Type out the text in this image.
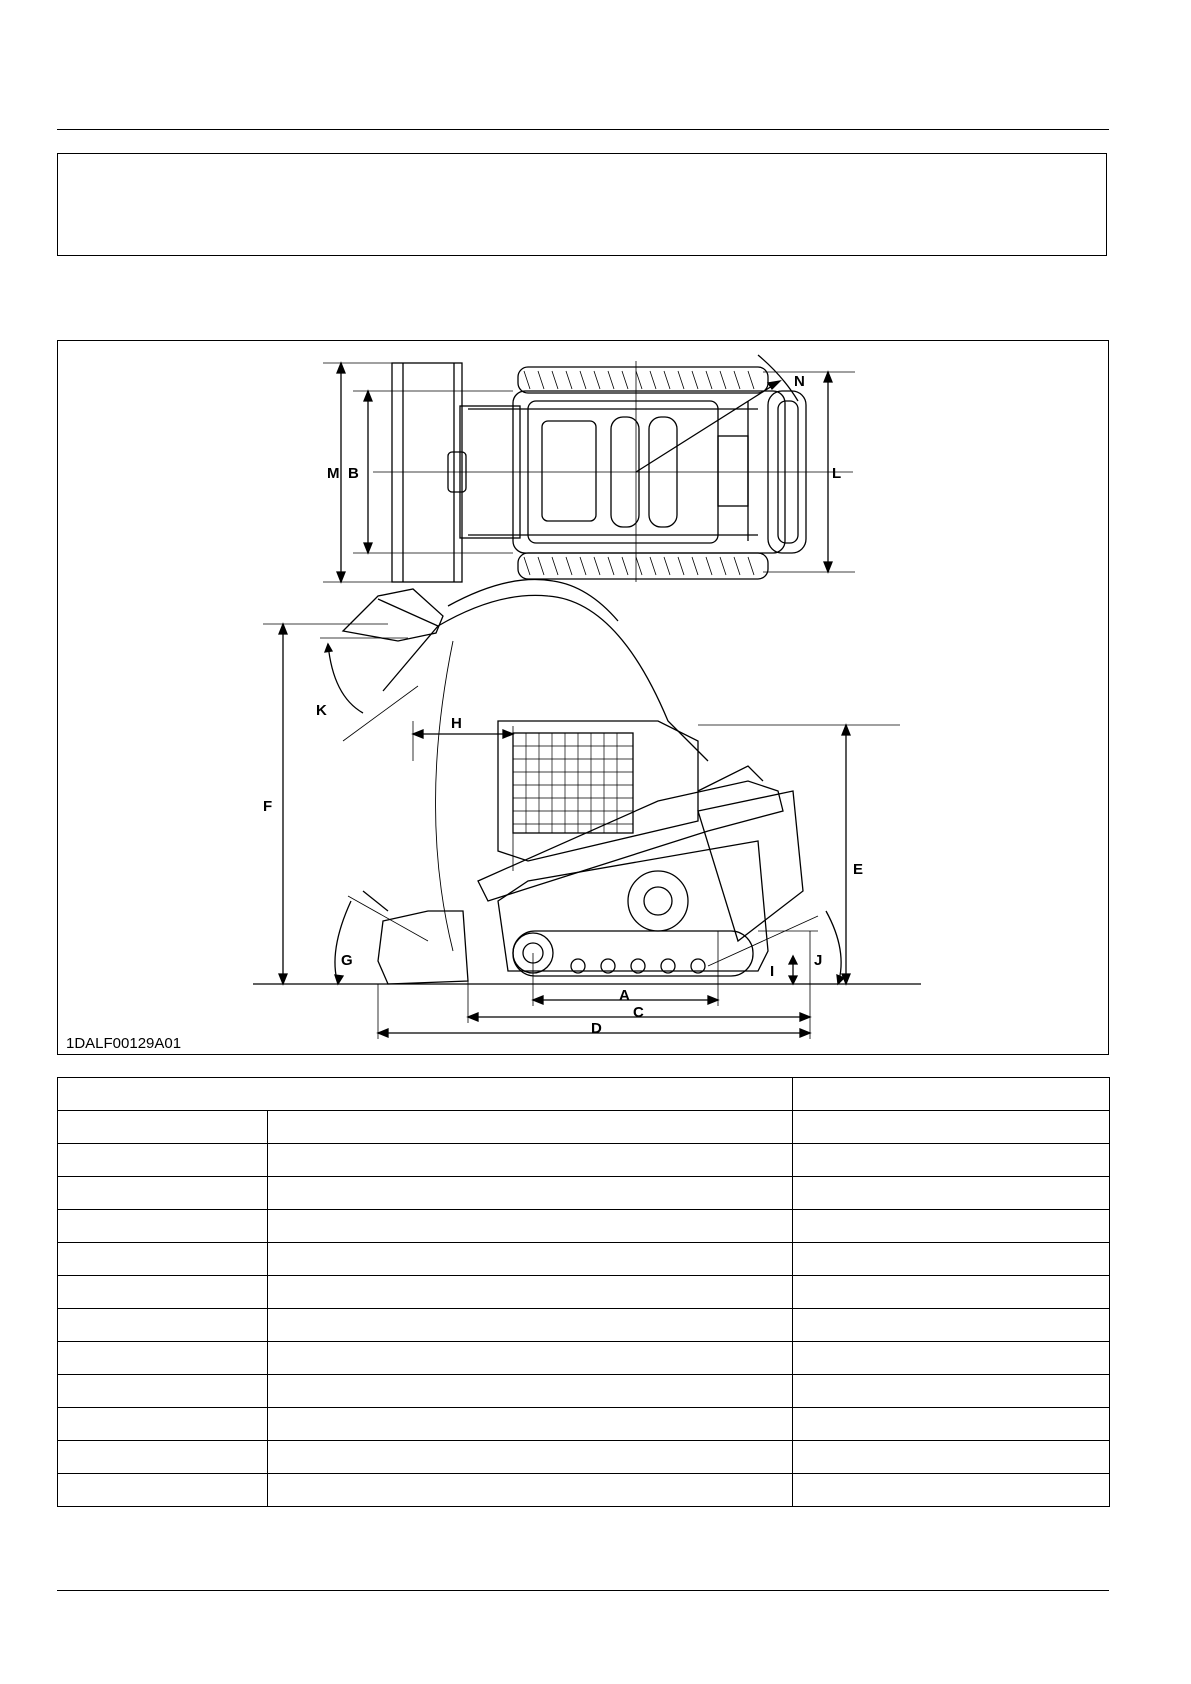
M B	L
N
K
H
F
E
G	J
I
A
C
D
1DALF00129A01
